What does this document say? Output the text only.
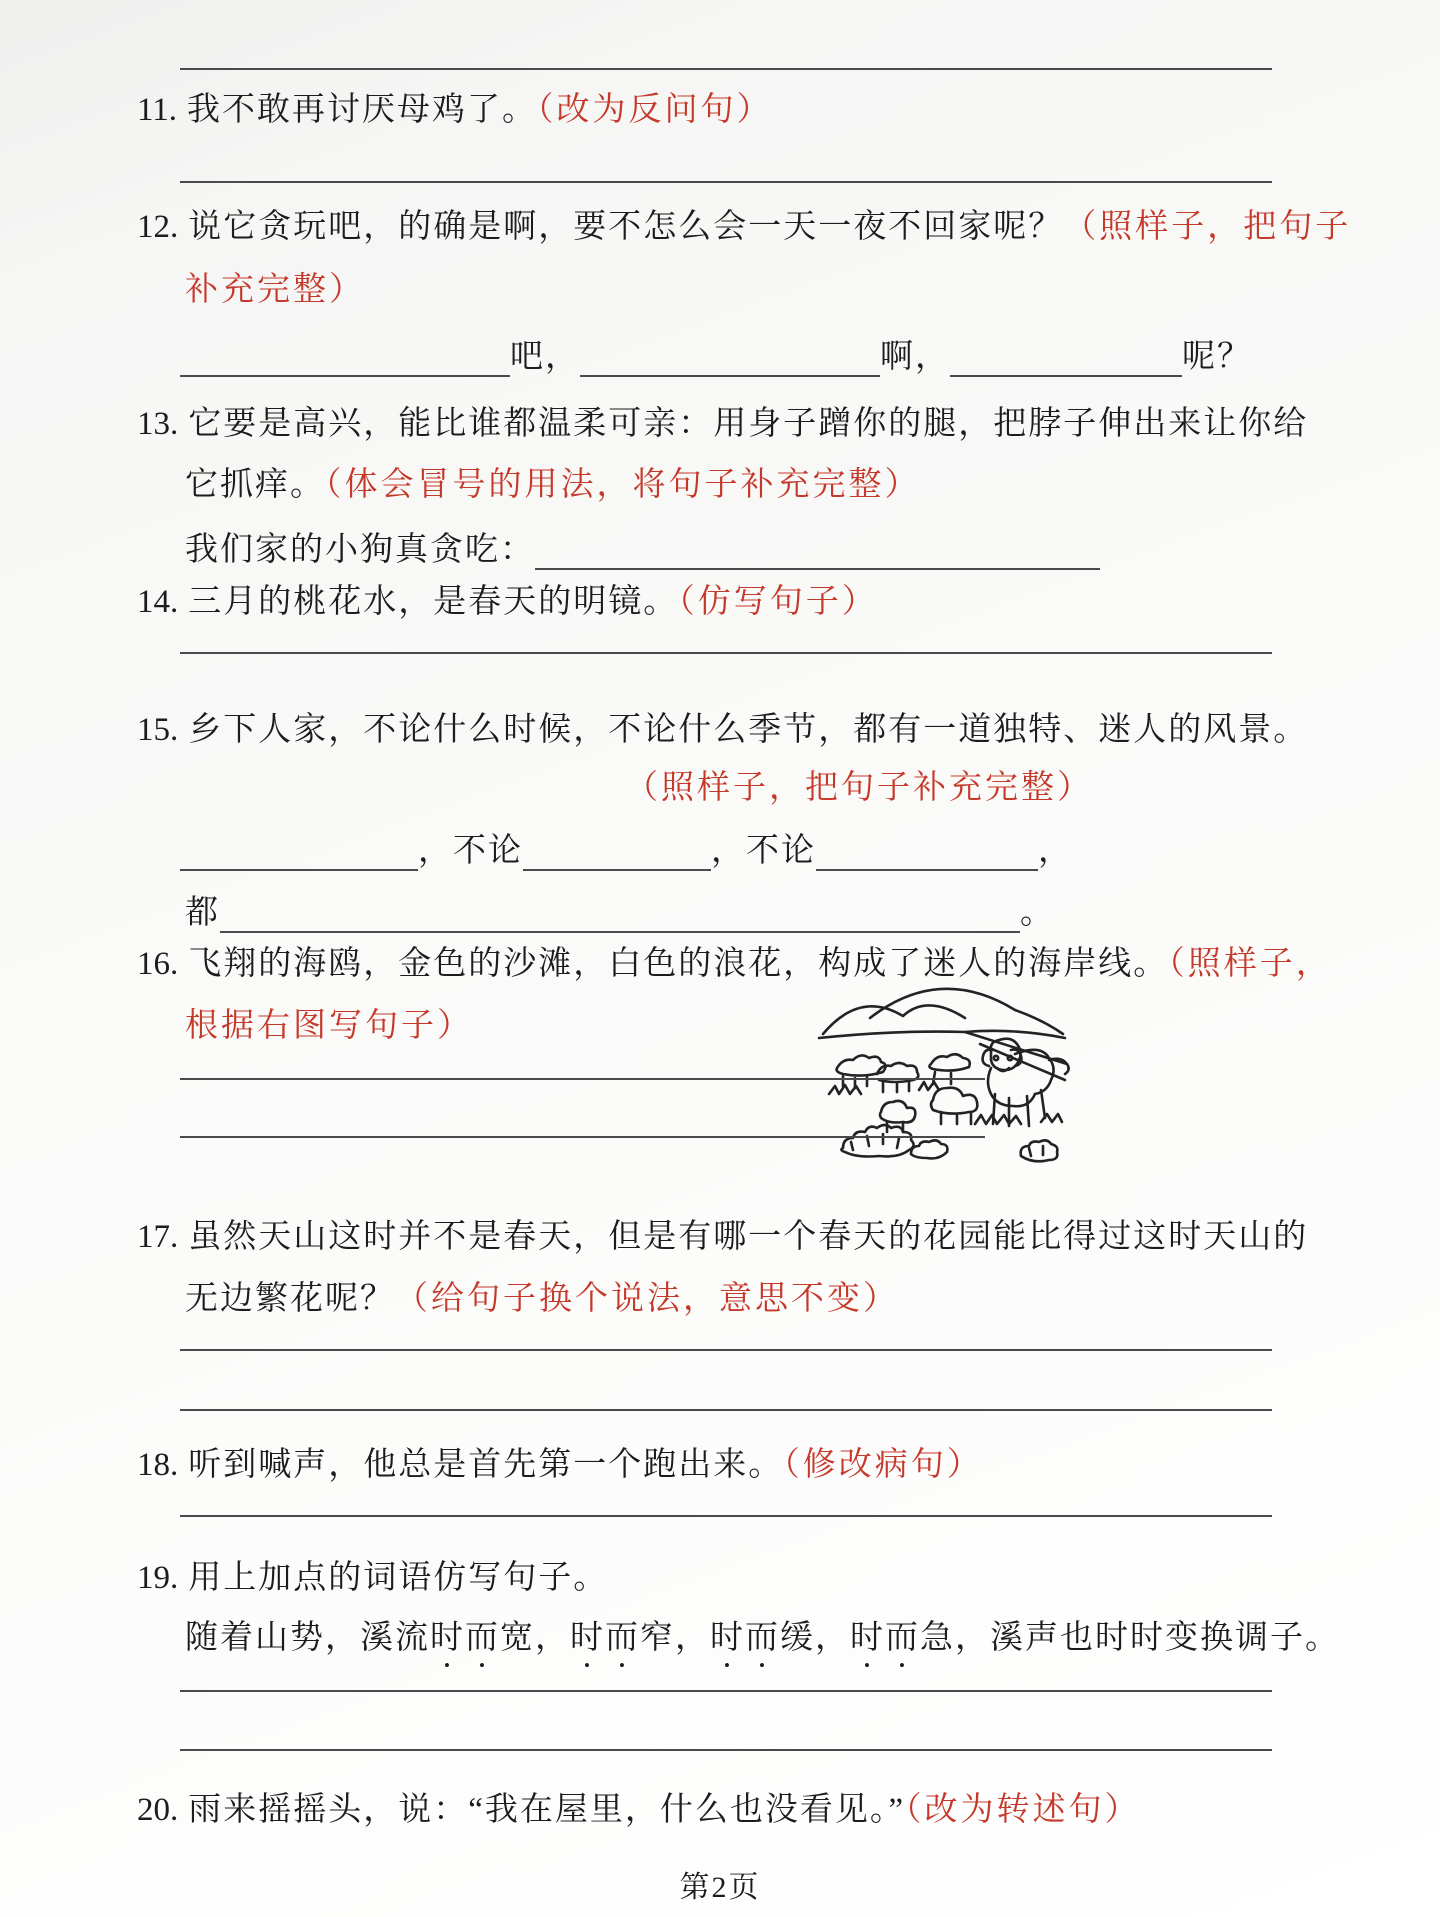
11. 我不敢再讨厌母鸡了。（改为反问句）
12. 说它贪玩吧，的确是啊，要不怎么会一天一夜不回家呢？（照样子，把句子
补充完整）
吧，	啊，	呢？
13. 它要是高兴，能比谁都温柔可亲：用身子蹭你的腿，把脖子伸出来让你给
它抓痒。（体会冒号的用法，将句子补充完整）
我们家的小狗真贪吃：
14. 三月的桃花水，是春天的明镜。（仿写句子）
15. 乡下人家，不论什么时候，不论什么季节，都有一道独特、迷人的风景。
（照样子，把句子补充完整）
，不论	，不论	，
都	。
16. 飞翔的海鸥，金色的沙滩，白色的浪花，构成了迷人的海岸线。（照样子，
根据右图写句子）
17. 虽然天山这时并不是春天，但是有哪一个春天的花园能比得过这时天山的
无边繁花呢？（给句子换个说法，意思不变）
18. 听到喊声，他总是首先第一个跑出来。（修改病句）
19. 用上加点的词语仿写句子。
随着山势，溪流时而宽，时而窄，时而缓，时而急，溪声也时时变换调子。
20. 雨来摇摇头，说：“我在屋里，什么也没看见。”（改为转述句）
第2页
